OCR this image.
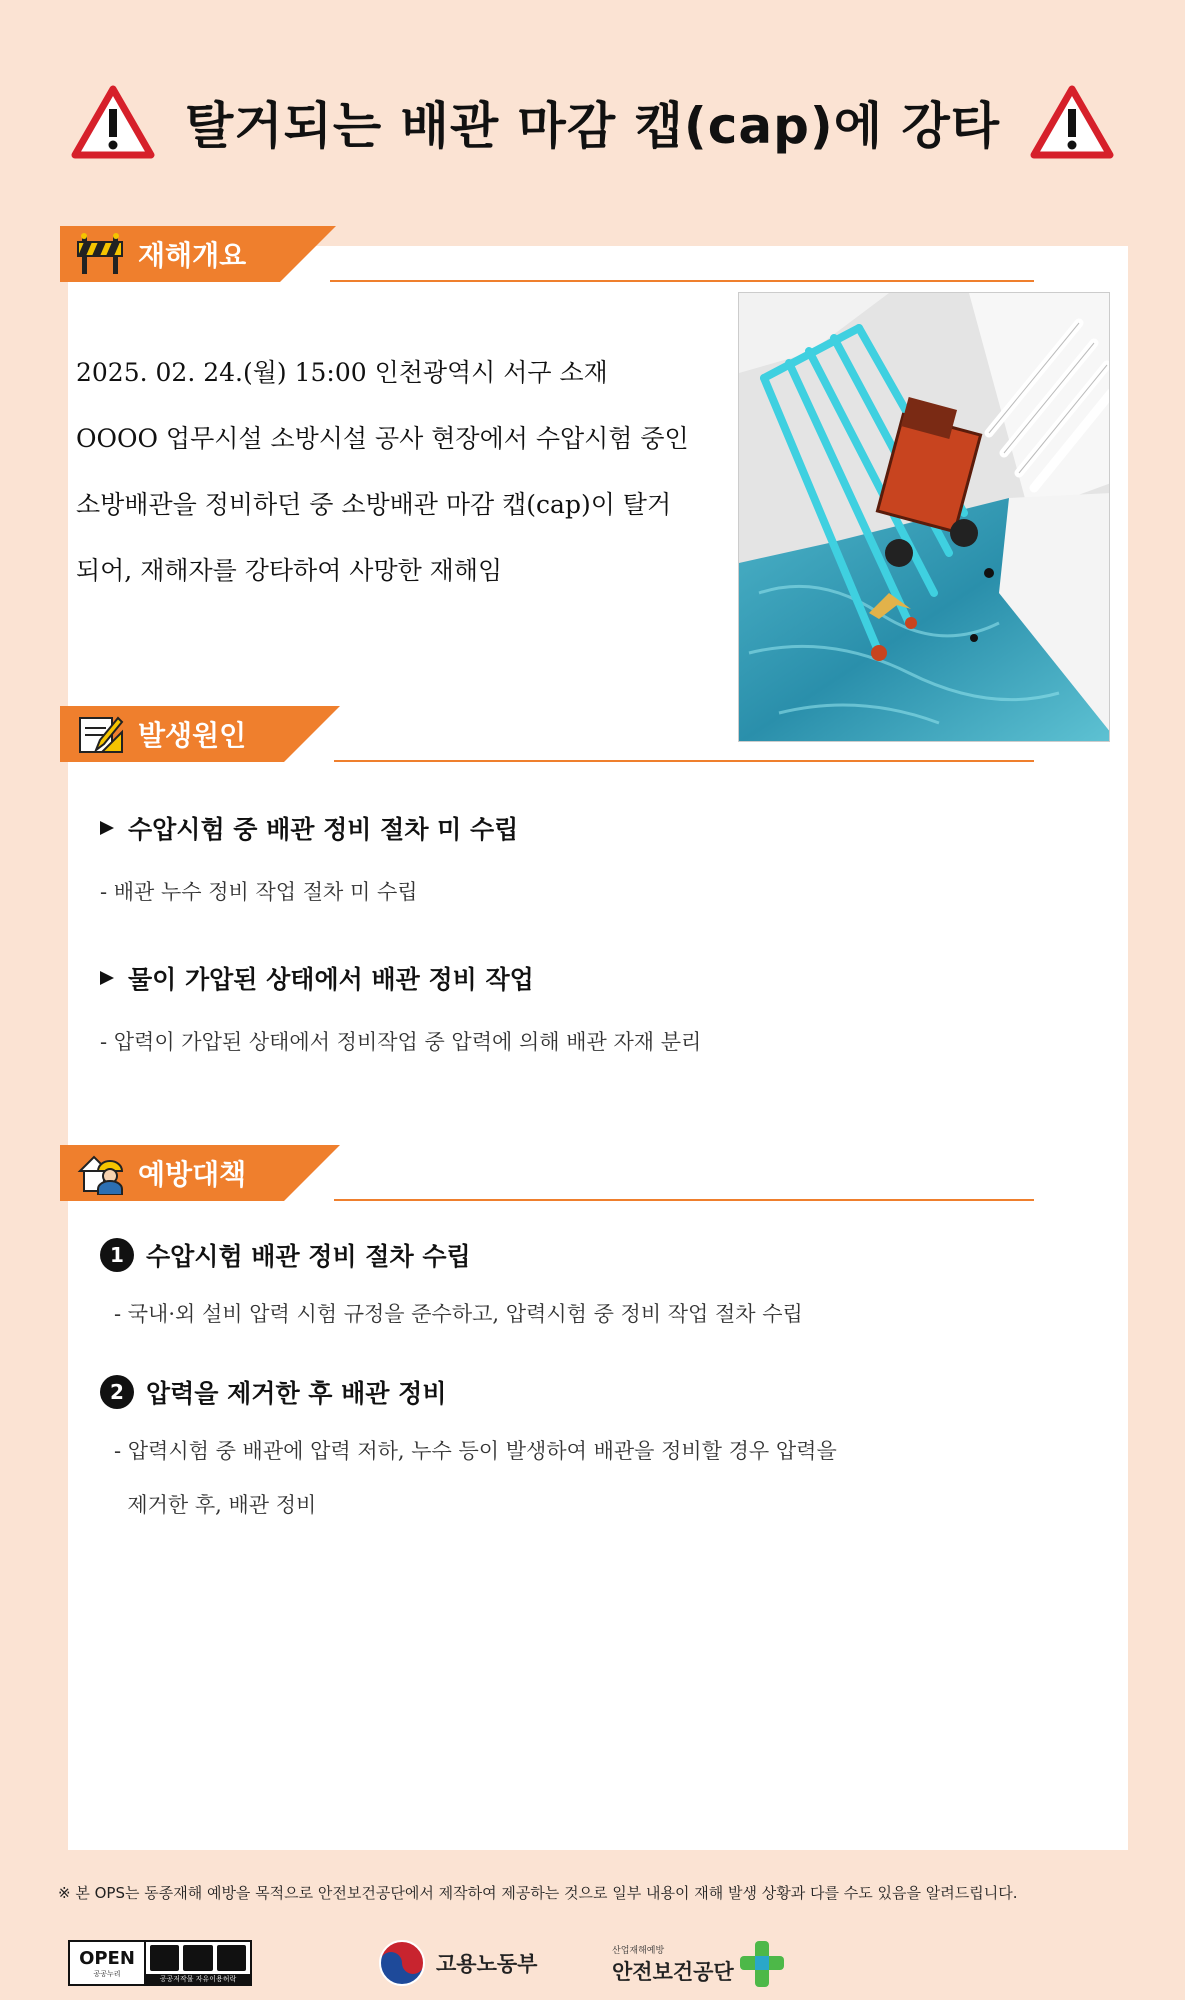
탈거되는 배관 마감 캡(cap)에 강타
재해개요

2025. 02. 24.(월) 15:00 인천광역시 서구 소재

OOOO 업무시설 소방시설 공사 현장에서 수압시험 중인

소방배관을 정비하던 중 소방배관 마감 캡(cap)이 탈거

되어, 재해자를 강타하여 사망한 재해임

발생원인
수압시험 중 배관 정비 절차 미 수립
- 배관 누수 정비 작업 절차 미 수립
물이 가압된 상태에서 배관 정비 작업
- 압력이 가압된 상태에서 정비작업 중 압력에 의해 배관 자재 분리
예방대책
1 수압시험 배관 정비 절차 수립
- 국내·외 설비 압력 시험 규정을 준수하고, 압력시험 중 정비 작업 절차 수립
2 압력을 제거한 후 배관 정비
- 압력시험 중 배관에 압력 저하, 누수 등이 발생하여 배관을 정비할 경우 압력을
제거한 후, 배관 정비
※ 본 OPS는 동종재해 예방을 목적으로 안전보건공단에서 제작하여 제공하는 것으로 일부 내용이 재해 발생 상황과 다를 수도 있음을 알려드립니다.
OPEN
공공누리
공공저작물 자유이용허락
고용노동부
산업재해예방
안전보건공단
